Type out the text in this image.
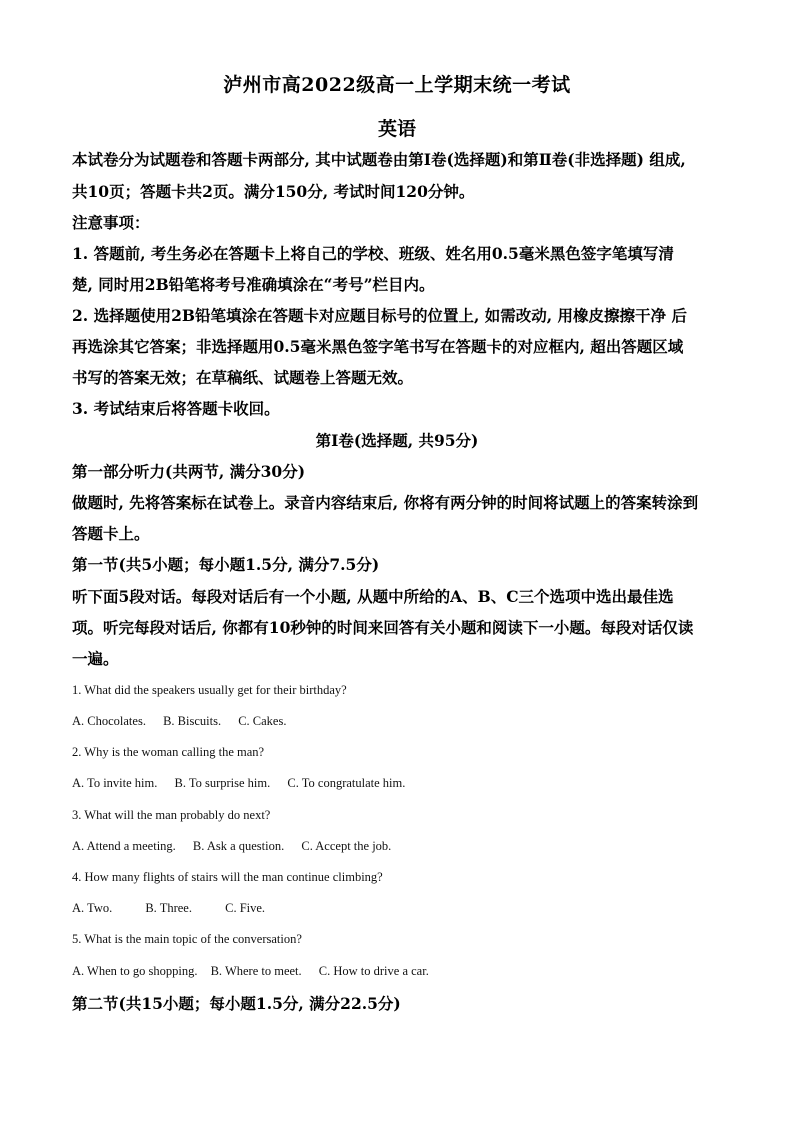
泸州市高2022级高一上学期末统一考试
英语
本试卷分为试题卷和答题卡两部分, 其中试题卷由第Ⅰ卷(选择题)和第Ⅱ卷(非选择题) 组成,
共10页；答题卡共2页。满分150分, 考试时间120分钟。
注意事项：
1. 答题前, 考生务必在答题卡上将自己的学校、班级、姓名用0.5毫米黑色签字笔填写清
楚, 同时用2B铅笔将考号准确填涂在“考号”栏目内。
2. 选择题使用2B铅笔填涂在答题卡对应题目标号的位置上, 如需改动, 用橡皮擦擦干净 后
再选涂其它答案；非选择题用0.5毫米黑色签字笔书写在答题卡的对应框内, 超出答题区域
书写的答案无效；在草稿纸、试题卷上答题无效。
3. 考试结束后将答题卡收回。
第Ⅰ卷(选择题, 共95分)
第一部分听力(共两节, 满分30分)
做题时, 先将答案标在试卷上。录音内容结束后, 你将有两分钟的时间将试题上的答案转涂到
答题卡上。
第一节(共5小题；每小题1.5分, 满分7.5分)
听下面5段对话。每段对话后有一个小题, 从题中所给的A、B、C三个选项中选出最佳选
项。听完每段对话后, 你都有10秒钟的时间来回答有关小题和阅读下一小题。每段对话仅读
一遍。
1. What did the speakers usually get for their birthday?
A. Chocolates. B. Biscuits. C. Cakes.
2. Why is the woman calling the man?
A. To invite him. B. To surprise him. C. To congratulate him.
3. What will the man probably do next?
A. Attend a meeting. B. Ask a question. C. Accept the job.
4. How many flights of stairs will the man continue climbing?
A. Two.	B. Three.	C. Five.
5. What is the main topic of the conversation?
A. When to go shopping. B. Where to meet. C. How to drive a car.
第二节(共15小题；每小题1.5分, 满分22.5分)
